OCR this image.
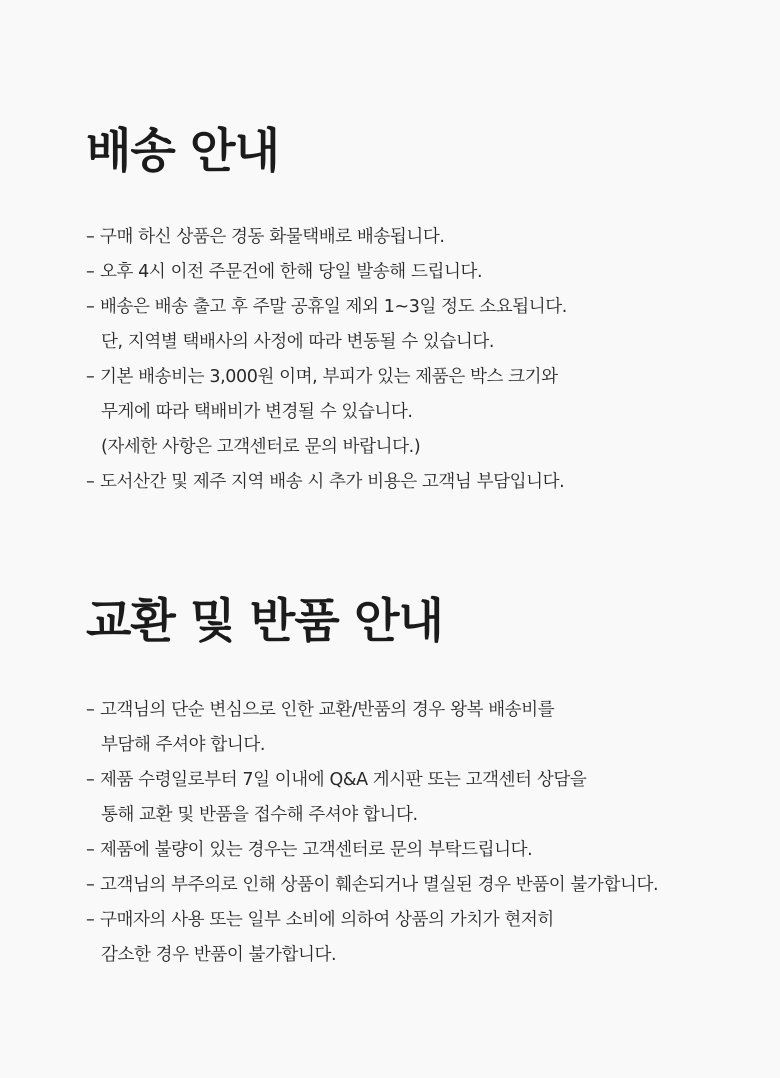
배송 안내
– 구매 하신 상품은 경동 화물택배로 배송됩니다.
– 오후 4시 이전 주문건에 한해 당일 발송해 드립니다.
– 배송은 배송 출고 후 주말 공휴일 제외 1~3일 정도 소요됩니다.
단, 지역별 택배사의 사정에 따라 변동될 수 있습니다.
– 기본 배송비는 3,000원 이며, 부피가 있는 제품은 박스 크기와
무게에 따라 택배비가 변경될 수 있습니다.
(자세한 사항은 고객센터로 문의 바랍니다.)
– 도서산간 및 제주 지역 배송 시 추가 비용은 고객님 부담입니다.
교환 및 반품 안내
– 고객님의 단순 변심으로 인한 교환/반품의 경우 왕복 배송비를
부담해 주셔야 합니다.
– 제품 수령일로부터 7일 이내에 Q&A 게시판 또는 고객센터 상담을
통해 교환 및 반품을 접수해 주셔야 합니다.
– 제품에 불량이 있는 경우는 고객센터로 문의 부탁드립니다.
– 고객님의 부주의로 인해 상품이 훼손되거나 멸실된 경우 반품이 불가합니다.
– 구매자의 사용 또는 일부 소비에 의하여 상품의 가치가 현저히
감소한 경우 반품이 불가합니다.
